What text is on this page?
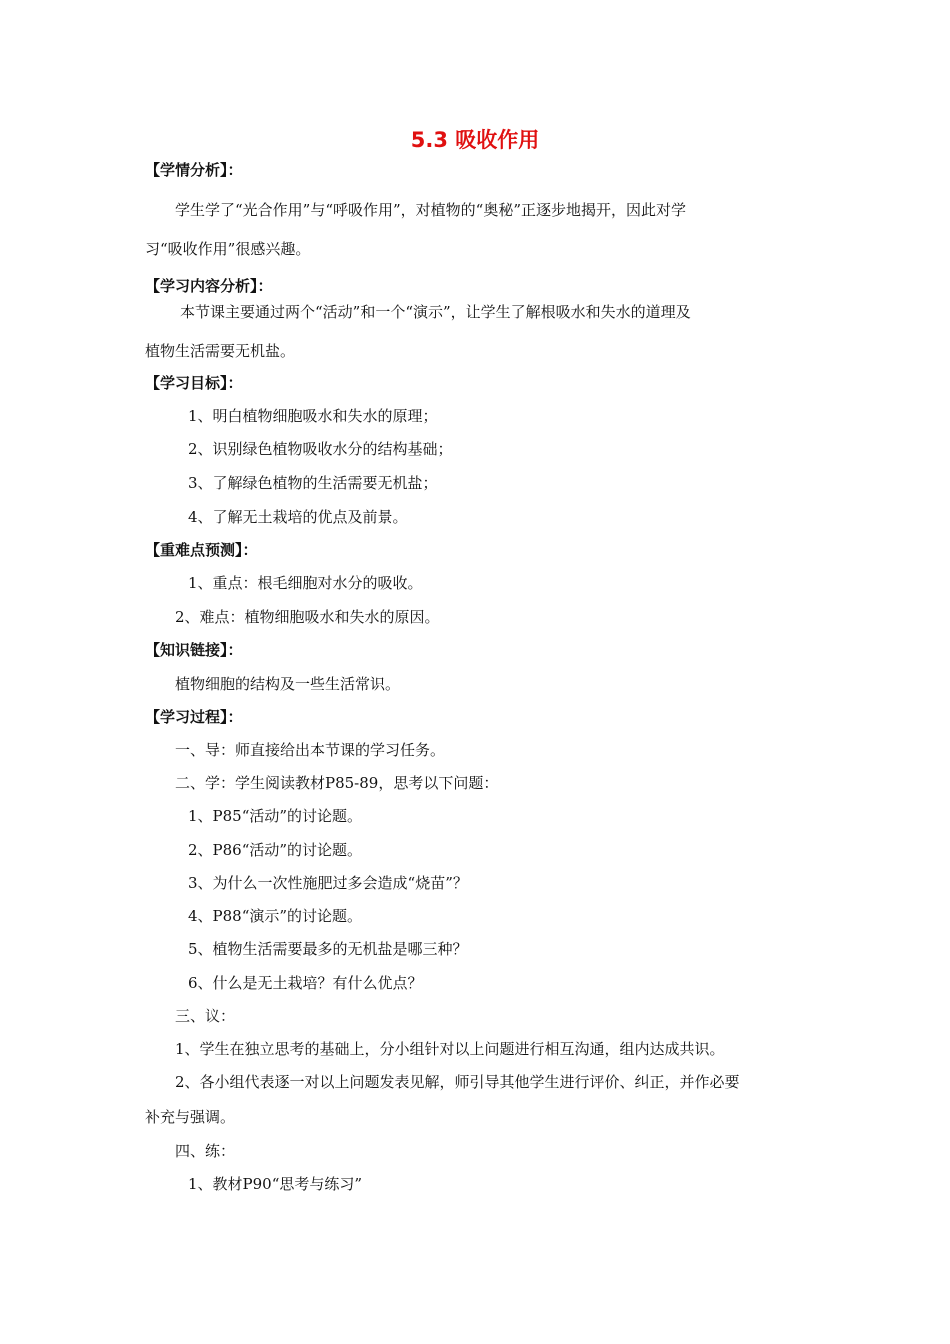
5.3 吸收作用
【学情分析】：
学生学了“光合作用”与“呼吸作用”，对植物的“奥秘”正逐步地揭开，因此对学
习“吸收作用”很感兴趣。
【学习内容分析】：
本节课主要通过两个“活动”和一个“演示”，让学生了解根吸水和失水的道理及
植物生活需要无机盐。
【学习目标】：
1、明白植物细胞吸水和失水的原理；
2、识别绿色植物吸收水分的结构基础；
3、了解绿色植物的生活需要无机盐；
4、了解无土栽培的优点及前景。
【重难点预测】：
1、重点：根毛细胞对水分的吸收。
2、难点：植物细胞吸水和失水的原因。
【知识链接】：
植物细胞的结构及一些生活常识。
【学习过程】：
一、导：师直接给出本节课的学习任务。
二、学：学生阅读教材P85-89，思考以下问题：
1、P85“活动”的讨论题。
2、P86“活动”的讨论题。
3、为什么一次性施肥过多会造成“烧苗”？
4、P88“演示”的讨论题。
5、植物生活需要最多的无机盐是哪三种？
6、什么是无土栽培？有什么优点？
三、议：
1、学生在独立思考的基础上，分小组针对以上问题进行相互沟通，组内达成共识。
2、各小组代表逐一对以上问题发表见解，师引导其他学生进行评价、纠正，并作必要
补充与强调。
四、练：
1、教材P90“思考与练习”
